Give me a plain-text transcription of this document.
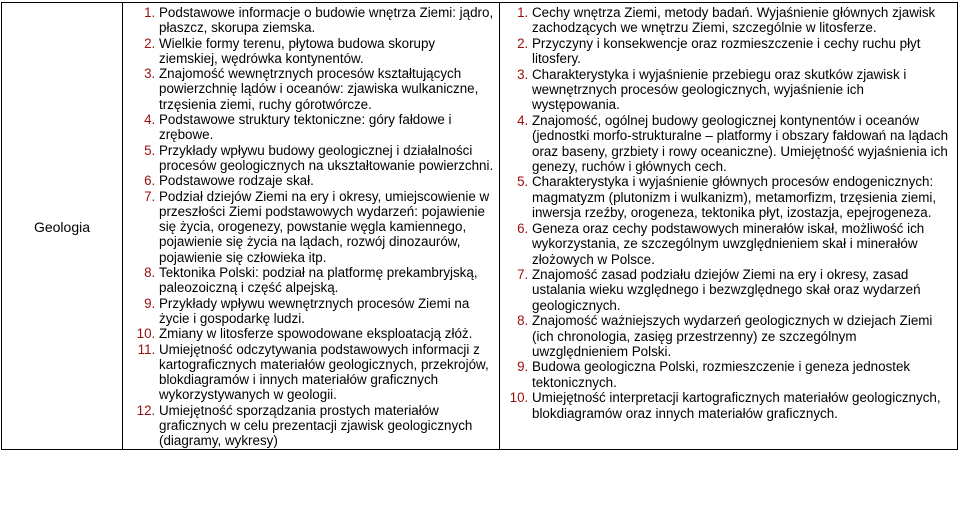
Geologia	
1. Podstawowe informacje o budowie wnętrza Ziemi: jądro, płaszcz, skorupa ziemska.
2. Wielkie formy terenu, płytowa budowa skorupy ziemskiej, wędrówka kontynentów.
3. Znajomość wewnętrznych procesów kształtujących powierzchnię lądów i oceanów: zjawiska wulkaniczne, trzęsienia ziemi, ruchy górotwórcze.
4. Podstawowe struktury tektoniczne: góry fałdowe i zrębowe.
5. Przykłady wpływu budowy geologicznej i działalności procesów geologicznych na ukształtowanie powierzchni.
6. Podstawowe rodzaje skał.
7. Podział dziejów Ziemi na ery i okresy, umiejscowienie w przeszłości Ziemi podstawowych wydarzeń: pojawienie się życia, orogenezy, powstanie węgla kamiennego, pojawienie się życia na lądach, rozwój dinozaurów, pojawienie się człowieka itp.
8. Tektonika Polski: podział na platformę prekambryjską, paleozoiczną i część alpejską.
9. Przykłady wpływu wewnętrznych procesów Ziemi na życie i gospodarkę ludzi.
10. Zmiany w litosferze spowodowane eksploatacją złóż.
11. Umiejętność odczytywania podstawowych informacji z kartograficznych materiałów geologicznych, przekrojów, blokdiagramów i innych materiałów graficznych wykorzystywanych w geologii.
12. Umiejętność sporządzania prostych materiałów graficznych w celu prezentacji zjawisk geologicznych (diagramy, wykresy)

1. Cechy wnętrza Ziemi, metody badań. Wyjaśnienie głównych zjawisk zachodzących we wnętrzu Ziemi, szczególnie w litosferze.
2. Przyczyny i konsekwencje oraz rozmieszczenie i cechy ruchu płyt litosfery.
3. Charakterystyka i wyjaśnienie przebiegu oraz skutków zjawisk i wewnętrznych procesów geologicznych, wyjaśnienie ich występowania.
4. Znajomość, ogólnej budowy geologicznej kontynentów i oceanów (jednostki morfo-strukturalne – platformy i obszary fałdowań na lądach oraz baseny, grzbiety i rowy oceaniczne). Umiejętność wyjaśnienia ich genezy, ruchów i głównych cech.
5. Charakterystyka i wyjaśnienie głównych procesów endogenicznych: magmatyzm (plutonizm i wulkanizm), metamorfizm, trzęsienia ziemi, inwersja rzeźby, orogeneza, tektonika płyt, izostazja, epejrogeneza.
6. Geneza oraz cechy podstawowych minerałów iskał, możliwość ich wykorzystania, ze szczególnym uwzględnieniem skał i minerałów złożowych w Polsce.
7. Znajomość zasad podziału dziejów Ziemi na ery i okresy, zasad ustalania wieku względnego i bezwzględnego skał oraz wydarzeń geologicznych.
8. Znajomość ważniejszych wydarzeń geologicznych w dziejach Ziemi (ich chronologia, zasięg przestrzenny) ze szczególnym uwzględnieniem Polski.
9. Budowa geologiczna Polski, rozmieszczenie i geneza jednostek tektonicznych.
10. Umiejętność interpretacji kartograficznych materiałów geologicznych, blokdiagramów oraz innych materiałów graficznych.
